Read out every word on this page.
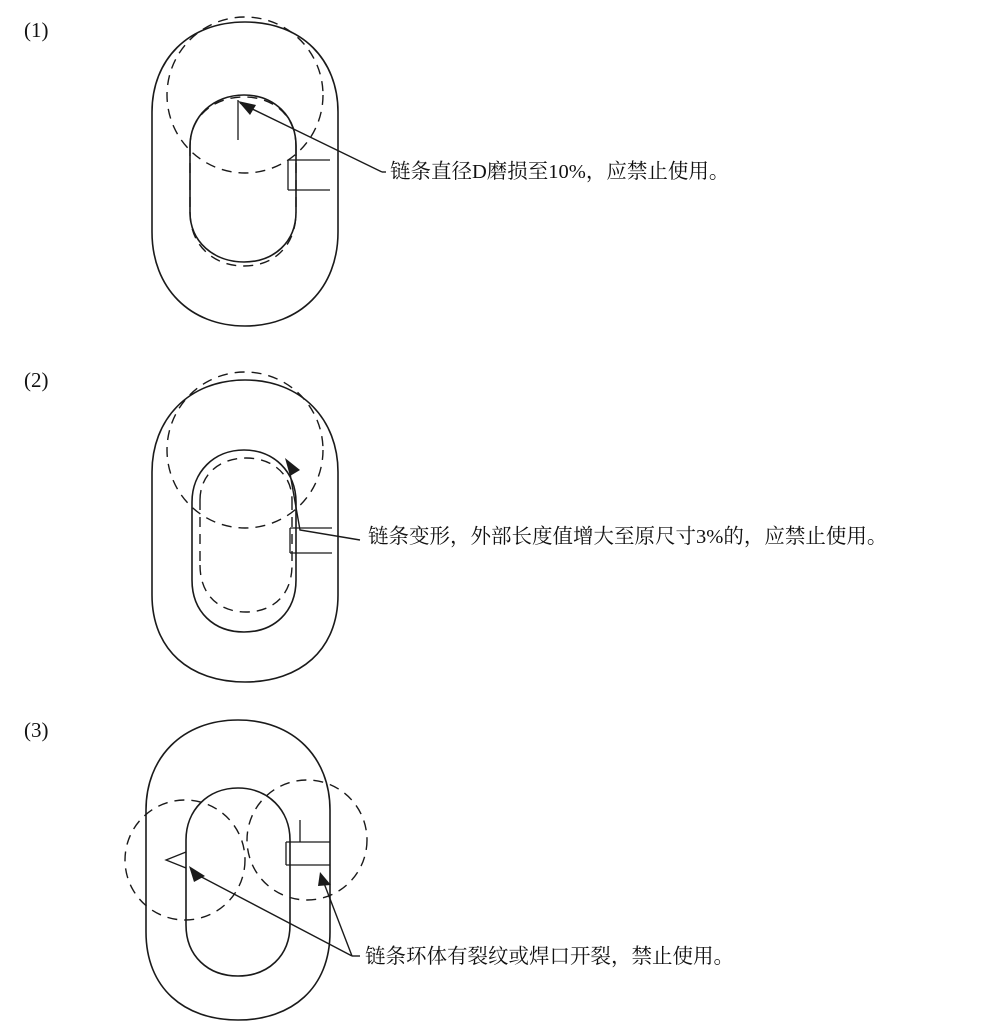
(1)
链条直径D磨损至10%，应禁止使用。
(2)
链条变形，外部长度值增大至原尺寸3%的，应禁止使用。
(3)
链条环体有裂纹或焊口开裂，禁止使用。
